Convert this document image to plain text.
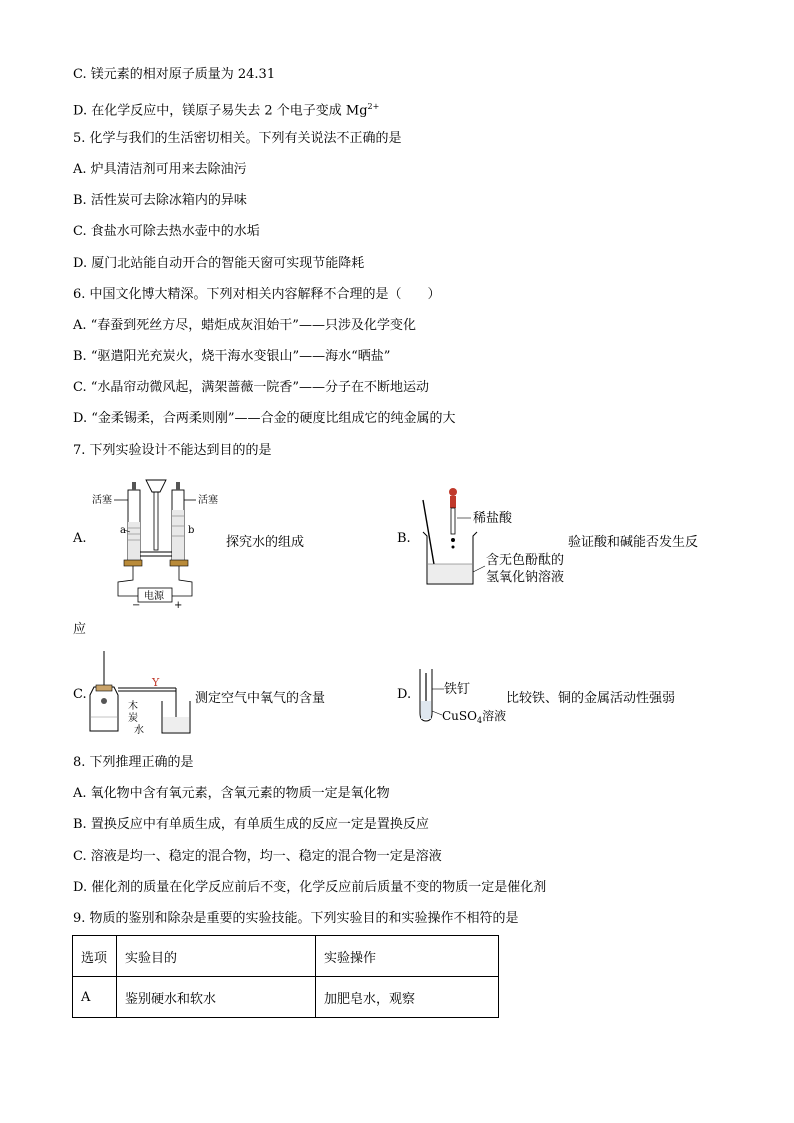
C. 镁元素的相对原子质量为 24.31
D. 在化学反应中，镁原子易失去 2 个电子变成 $Mg^{2+}$
5. 化学与我们的生活密切相关。下列有关说法不正确的是
A. 炉具清洁剂可用来去除油污
B. 活性炭可去除冰箱内的异味
C. 食盐水可除去热水壶中的水垢
D. 厦门北站能自动开合的智能天窗可实现节能降耗
6. 中国文化博大精深。下列对相关内容解释不合理的是（　　）
A. “春蚕到死丝方尽，蜡炬成灰泪始干”——只涉及化学变化
B. “驱遣阳光充炭火，烧干海水变银山”——海水“晒盐”
C. “水晶帘动微风起，满架蔷薇一院香”——分子在不断地运动
D. “金柔锡柔，合两柔则刚”——合金的硬度比组成它的纯金属的大
7. 下列实验设计不能达到目的的是
A.
活塞	活塞
a	b
电源
−	+
探究水的组成	B.
稀盐酸
含无色酚酞的
氢氧化钠溶液
验证酸和碱能否发生反
应
C.
木
炭
Y
水
测定空气中氧气的含量	D.	铁钉
CuSO$_4$溶液
比较铁、铜的金属活动性强弱
8. 下列推理正确的是
A. 氧化物中含有氧元素，含氧元素的物质一定是氧化物
B. 置换反应中有单质生成，有单质生成的反应一定是置换反应
C. 溶液是均一、稳定的混合物，均一、稳定的混合物一定是溶液
D. 催化剂的质量在化学反应前后不变，化学反应前后质量不变的物质一定是催化剂
9. 物质的鉴别和除杂是重要的实验技能。下列实验目的和实验操作不相符的是
选项	实验目的	实验操作
A	鉴别硬水和软水	加肥皂水，观察
